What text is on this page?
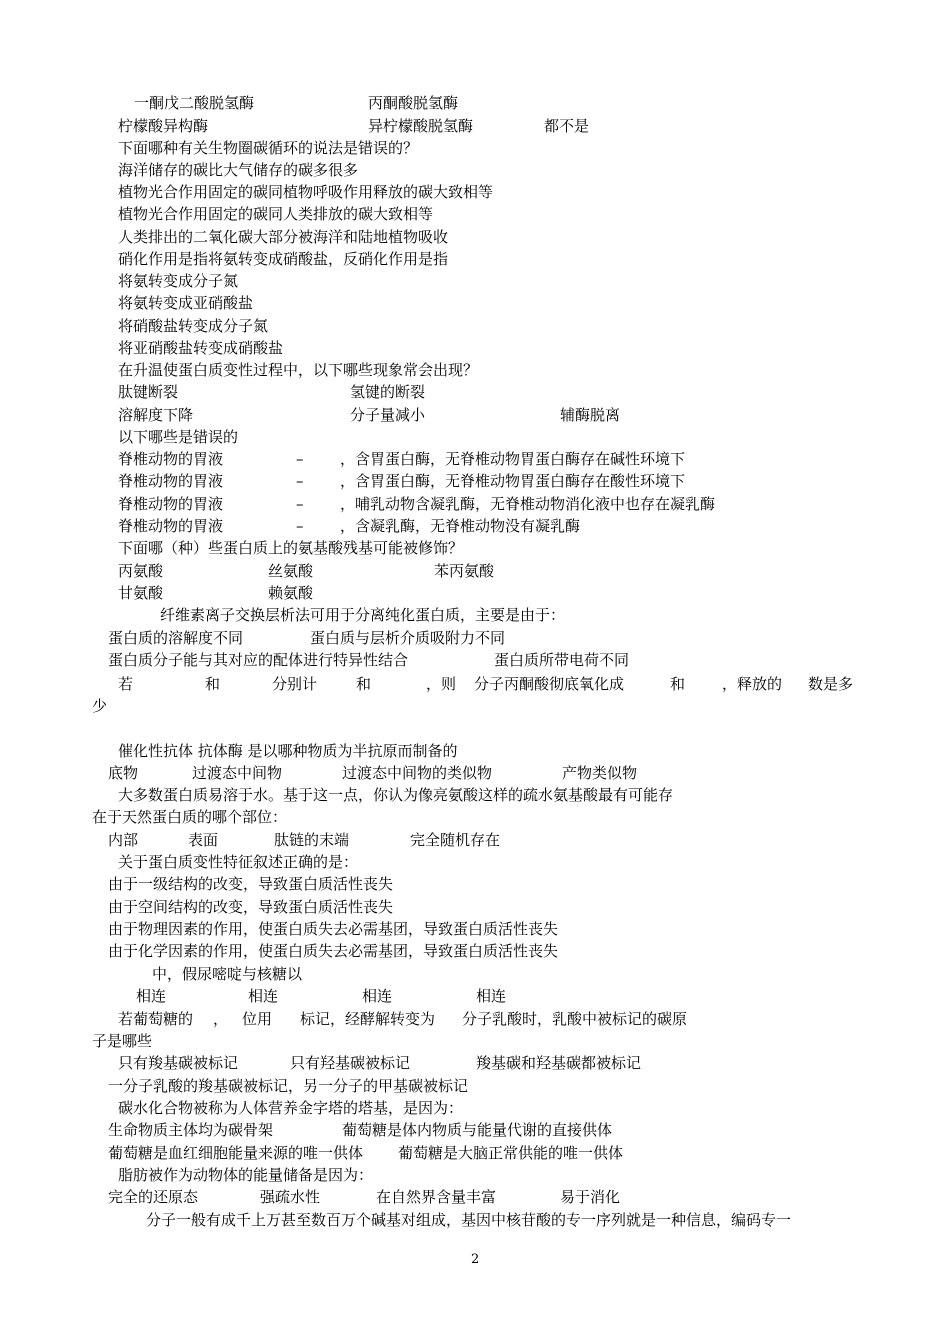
一酮戊二酸脱氢酶	丙酮酸脱氢酶
柠檬酸异构酶	异柠檬酸脱氢酶	都不是
下面哪种有关生物圈碳循环的说法是错误的？
海洋储存的碳比大气储存的碳多很多
植物光合作用固定的碳同植物呼吸作用释放的碳大致相等
植物光合作用固定的碳同人类排放的碳大致相等
人类排出的二氧化碳大部分被海洋和陆地植物吸收
硝化作用是指将氨转变成硝酸盐，反硝化作用是指
将氨转变成分子氮
将氨转变成亚硝酸盐
将硝酸盐转变成分子氮
将亚硝酸盐转变成硝酸盐
在升温使蛋白质变性过程中，以下哪些现象常会出现？
肽键断裂	氢键的断裂
溶解度下降	分子量减小	辅酶脱离
以下哪些是错误的
脊椎动物的胃液	– ，含胃蛋白酶，无脊椎动物胃蛋白酶存在碱性环境下
脊椎动物的胃液	– ，含胃蛋白酶，无脊椎动物胃蛋白酶存在酸性环境下
脊椎动物的胃液	– ，哺乳动物含凝乳酶，无脊椎动物消化液中也存在凝乳酶
脊椎动物的胃液	– ，含凝乳酶，无脊椎动物没有凝乳酶
下面哪（种）些蛋白质上的氨基酸残基可能被修饰？
丙氨酸	丝氨酸	苯丙氨酸
甘氨酸	赖氨酸
纤维素离子交换层析法可用于分离纯化蛋白质，主要是由于：
蛋白质的溶解度不同	蛋白质与层析介质吸附力不同
蛋白质分子能与其对应的配体进行特异性结合	蛋白质所带电荷不同
若	和	分别计	和	，则 分子丙酮酸彻底氧化成	和 ，释放的 数是多
少
催化性抗体 抗体酶 是以哪种物质为半抗原而制备的
底物	过渡态中间物	过渡态中间物的类似物	产物类似物
大多数蛋白质易溶于水。基于这一点，你认为像亮氨酸这样的疏水氨基酸最有可能存
在于天然蛋白质的哪个部位：
内部	表面	肽链的末端	完全随机存在
关于蛋白质变性特征叙述正确的是：
由于一级结构的改变，导致蛋白质活性丧失
由于空间结构的改变，导致蛋白质活性丧失
由于物理因素的作用，使蛋白质失去必需基团，导致蛋白质活性丧失
由于化学因素的作用，使蛋白质失去必需基团，导致蛋白质活性丧失
中，假尿嘧啶与核糖以
相连	相连	相连	相连
若葡萄糖的 ， 位用 标记，经酵解转变为 分子乳酸时，乳酸中被标记的碳原
子是哪些
只有羧基碳被标记	只有羟基碳被标记	羧基碳和羟基碳都被标记
一分子乳酸的羧基碳被标记，另一分子的甲基碳被标记
碳水化合物被称为人体营养金字塔的塔基，是因为：
生命物质主体均为碳骨架	葡萄糖是体内物质与能量代谢的直接供体
葡萄糖是血红细胞能量来源的唯一供体 葡萄糖是大脑正常供能的唯一供体
脂肪被作为动物体的能量储备是因为：
完全的还原态	强疏水性	在自然界含量丰富	易于消化
分子一般有成千上万甚至数百万个碱基对组成，基因中核苷酸的专一序列就是一种信息，编码专一
2
